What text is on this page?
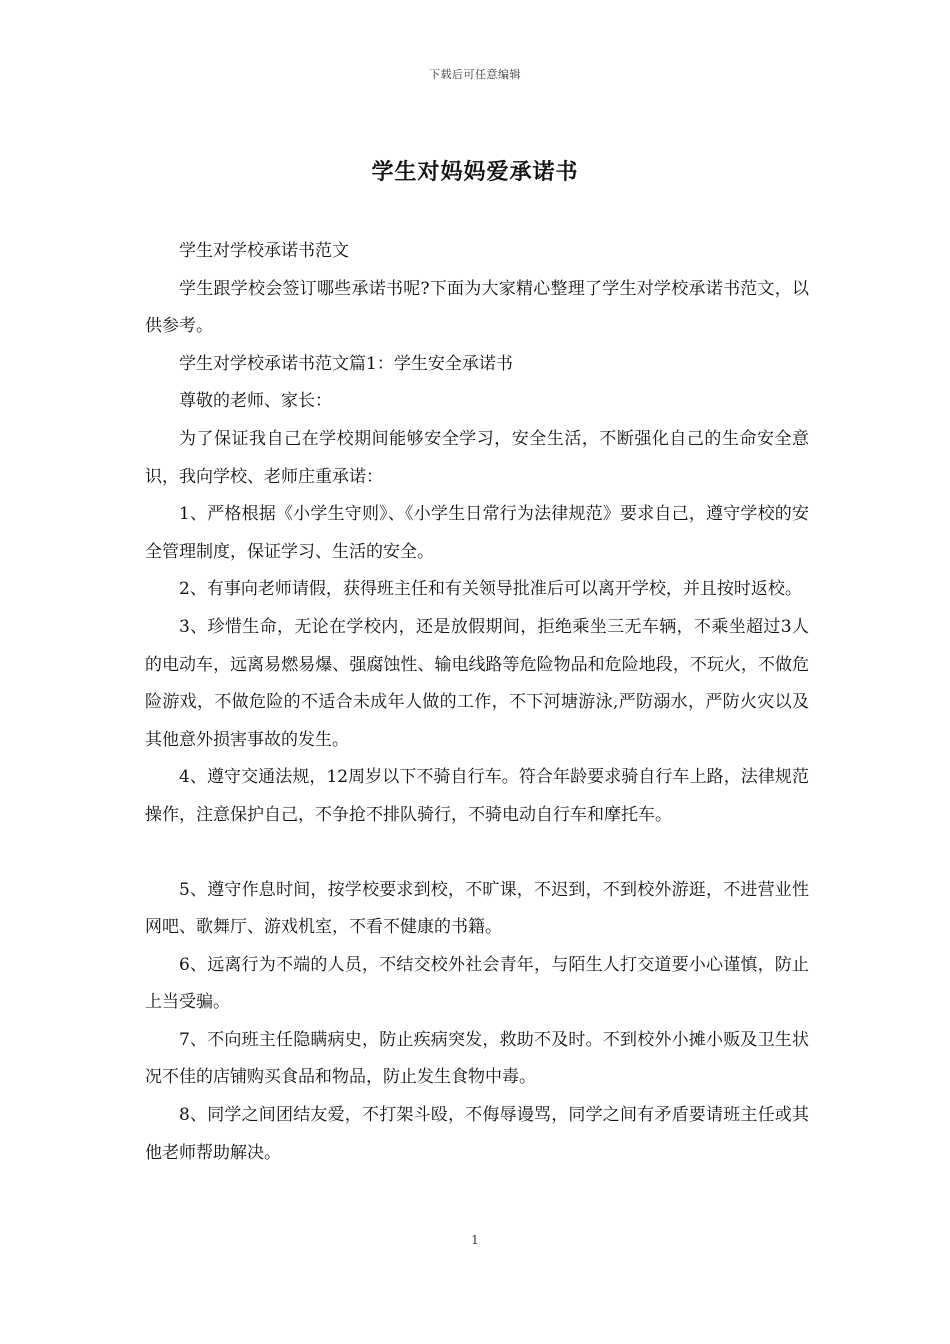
下载后可任意编辑
学生对妈妈爱承诺书

学生对学校承诺书范文

学生跟学校会签订哪些承诺书呢?下面为大家精心整理了学生对学校承诺书范文，以供参考。

学生对学校承诺书范文篇1：学生安全承诺书

尊敬的老师、家长：

为了保证我自己在学校期间能够安全学习，安全生活，不断强化自己的生命安全意识，我向学校、老师庄重承诺：

1、严格根据《小学生守则》、《小学生日常行为法律规范》要求自己，遵守学校的安全管理制度，保证学习、生活的安全。

2、有事向老师请假，获得班主任和有关领导批准后可以离开学校，并且按时返校。

3、珍惜生命，无论在学校内，还是放假期间，拒绝乘坐三无车辆，不乘坐超过3人的电动车，远离易燃易爆、强腐蚀性、输电线路等危险物品和危险地段，不玩火，不做危险游戏，不做危险的不适合未成年人做的工作，不下河塘游泳,严防溺水，严防火灾以及其他意外损害事故的发生。

4、遵守交通法规，12周岁以下不骑自行车。符合年龄要求骑自行车上路，法律规范操作，注意保护自己，不争抢不排队骑行，不骑电动自行车和摩托车。

5、遵守作息时间，按学校要求到校，不旷课，不迟到，不到校外游逛，不进营业性网吧、歌舞厅、游戏机室，不看不健康的书籍。

6、远离行为不端的人员，不结交校外社会青年，与陌生人打交道要小心谨慎，防止上当受骗。

7、不向班主任隐瞒病史，防止疾病突发，救助不及时。不到校外小摊小贩及卫生状况不佳的店铺购买食品和物品，防止发生食物中毒。

8、同学之间团结友爱，不打架斗殴，不侮辱谩骂，同学之间有矛盾要请班主任或其他老师帮助解决。

1
